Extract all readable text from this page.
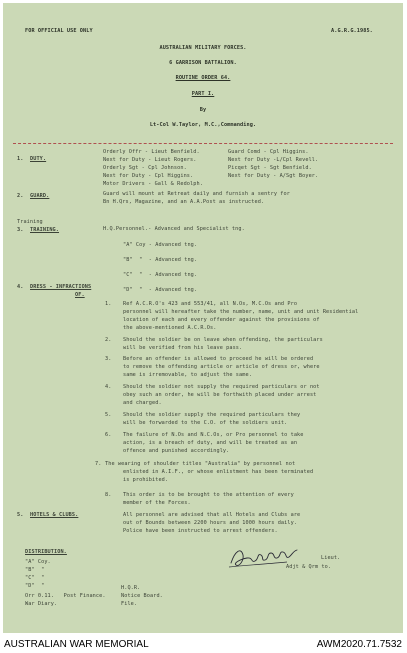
FOR OFFICIAL USE ONLY	A.G.R.G.1985.
AUSTRALIAN MILITARY FORCES.
6 GARRISON BATTALION.
ROUTINE ORDER 64.
PART I.
By
Lt-Col W.Taylor, M.C.,Commanding.
1. DUTY.
Orderly Offr - Lieut Benfield.
Next for Duty - Lieut Rogers.
Orderly Sgt - Cpl Johnson.
Next for Duty - Cpl Higgins.
Motor Drivers - Gall & Redolph.
Guard Comd - Cpl Higgins.
Next for Duty -L/Cpl Revell.
Picqet Sgt - Sgt Benfield.
Next for Duty - A/Sgt Boyer.
2. GUARD.	Guard will mount at Retreat daily and furnish a sentry for
Bn H.Qrs, Magazine, and an A.A.Post as instructed.
Training
3. TRAINING.	H.Q.Personnel.- Advanced and Specialist tng.
"A" Coy - Advanced tng.
"B"  "  - Advanced tng.
"C"  "  - Advanced tng.
"D"  "  - Advanced tng.
4. DRESS - INFRACTIONS
OF.
1. Ref A.C.R.O's 423 and 553/41, all N.Os, M.C.Os and Pro
personnel will hereafter take the number, name, unit and unit Residential
location of each and every offender against the provisions of
the above-mentioned A.C.R.Os.
2. Should the soldier be on leave when offending, the particulars
will be verified from his leave pass.
3. Before an offender is allowed to proceed he will be ordered
to remove the offending article or article of dress or, where
same is irremovable, to adjust the same.
4. Should the soldier not supply the required particulars or not
obey such an order, he will be forthwith placed under arrest
and charged.
5. Should the soldier supply the required particulars they
will be forwarded to the C.O. of the soldiers unit.
6. The failure of N.Os and N.C.Os, or Pro personnel to take
action, is a breach of duty, and will be treated as an
offence and punished accordingly.
7. The wearing of shoulder titles "Australia" by personnel not
enlisted in A.I.F., or whose enlistment has been terminated
is prohibited.
8. This order is to be brought to the attention of every
member of the Forces.
5. HOTELS & CLUBS.	All personnel are advised that all Hotels and Clubs are
out of Bounds between 2200 hours and 1000 hours daily.
Police have been instructed to arrest offenders.
Lieut.
Adjt & Qrm to.
DISTRIBUTION.
"A" Coy.
"B"  "
"C"  "
"D"  "
Orr 0.11.   Post Finance.
War Diary.
H.Q.R.
Notice Board.
File.
AUSTRALIAN WAR MEMORIAL	AWM2020.71.7532
